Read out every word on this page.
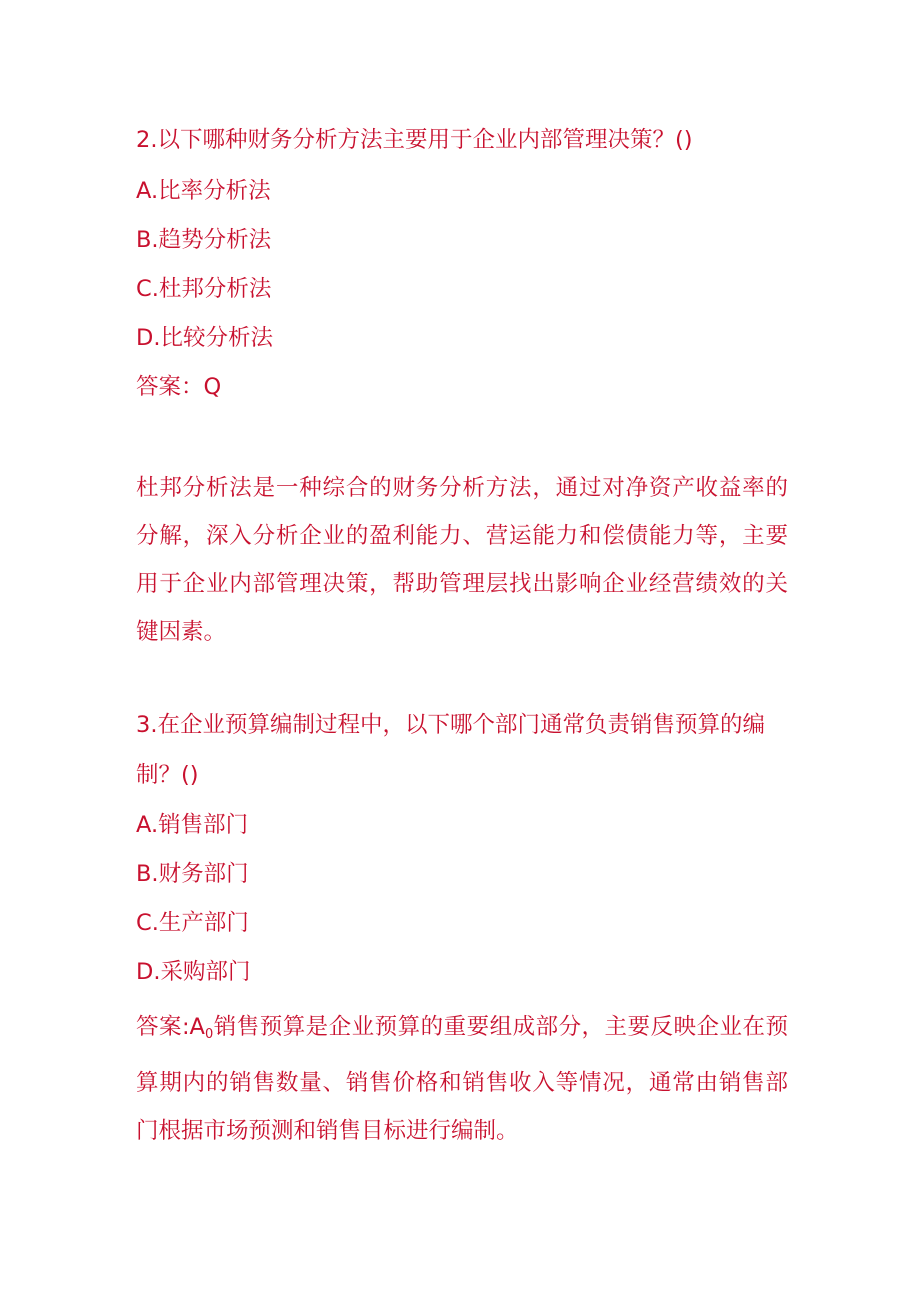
2.以下哪种财务分析方法主要用于企业内部管理决策？()
A.比率分析法
B.趋势分析法
C.杜邦分析法
D.比较分析法
答案：Q
杜邦分析法是一种综合的财务分析方法，通过对净资产收益率的分解，深入分析企业的盈利能力、营运能力和偿债能力等，主要用于企业内部管理决策，帮助管理层找出影响企业经营绩效的关键因素。
3.在企业预算编制过程中，以下哪个部门通常负责销售预算的编
制？()
A.销售部门
B.财务部门
C.生产部门
D.采购部门
答案$:A_0$销售预算是企业预算的重要组成部分，主要反映企业在预算期内的销售数量、销售价格和销售收入等情况，通常由销售部门根据市场预测和销售目标进行编制。
